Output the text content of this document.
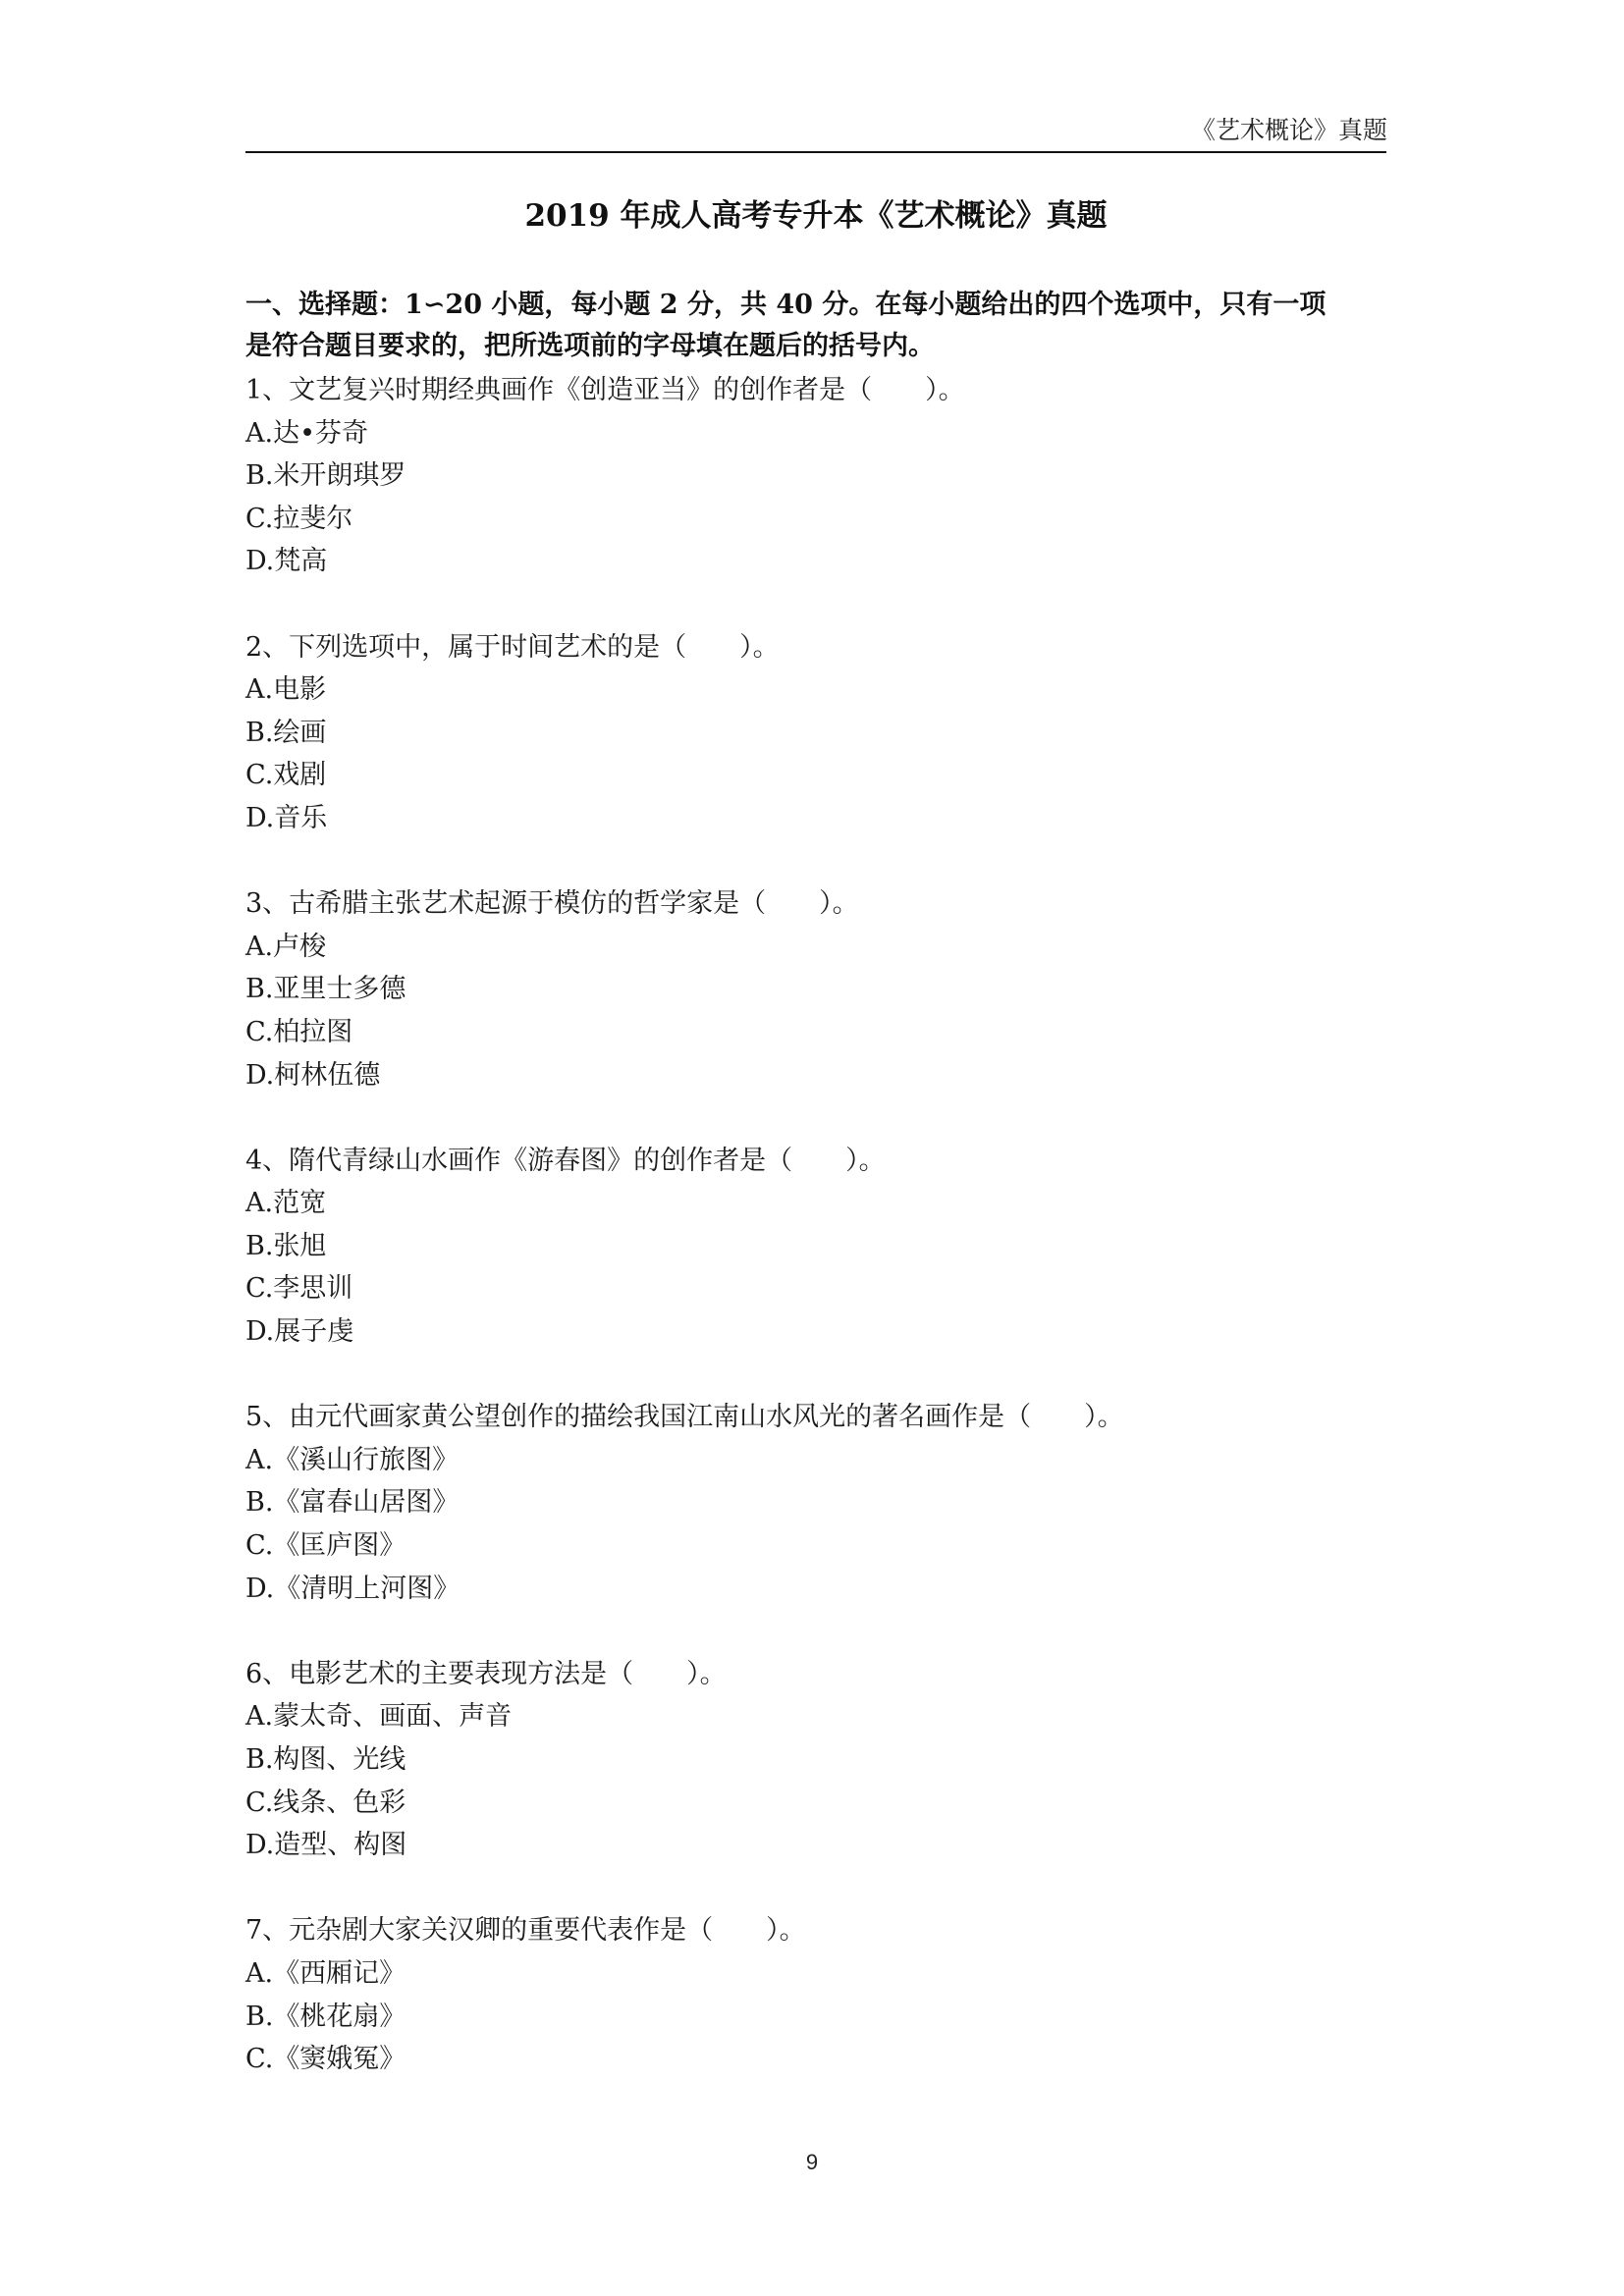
《艺术概论》真题
2019 年成人高考专升本《艺术概论》真题
一、选择题：1∽20 小题，每小题 2 分，共 40 分。在每小题给出的四个选项中，只有一项
是符合题目要求的，把所选项前的字母填在题后的括号内。
1、文艺复兴时期经典画作《创造亚当》的创作者是（　　）。
A.达•芬奇
B.米开朗琪罗
C.拉斐尔
D.梵高
2、下列选项中，属于时间艺术的是（　　）。
A.电影
B.绘画
C.戏剧
D.音乐
3、古希腊主张艺术起源于模仿的哲学家是（　　）。
A.卢梭
B.亚里士多德
C.柏拉图
D.柯林伍德
4、隋代青绿山水画作《游春图》的创作者是（　　）。
A.范宽
B.张旭
C.李思训
D.展子虔
5、由元代画家黄公望创作的描绘我国江南山水风光的著名画作是（　　）。
A.《溪山行旅图》
B.《富春山居图》
C.《匡庐图》
D.《清明上河图》
6、电影艺术的主要表现方法是（　　）。
A.蒙太奇、画面、声音
B.构图、光线
C.线条、色彩
D.造型、构图
7、元杂剧大家关汉卿的重要代表作是（　　）。
A.《西厢记》
B.《桃花扇》
C.《窦娥冤》
9
